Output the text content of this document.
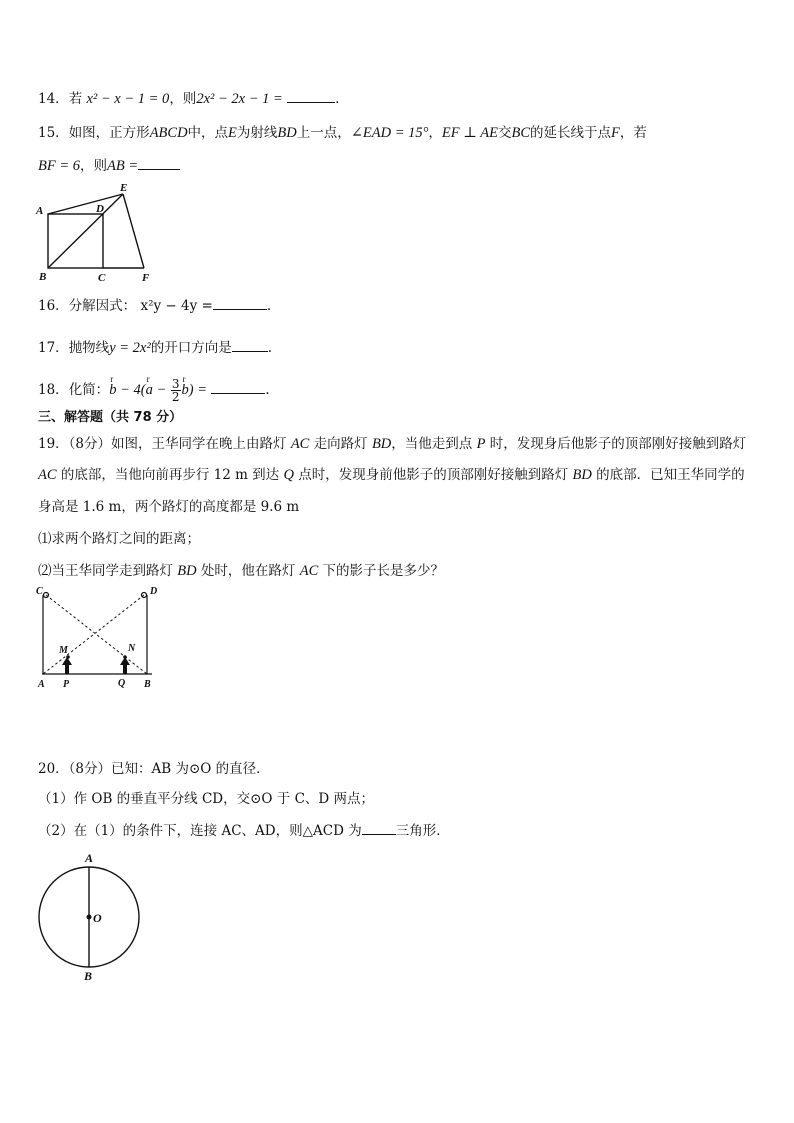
14．若 x² − x − 1 = 0，则2x² − 2x − 1 =	.
15．如图，正方形ABCD中，点E为射线BD上一点，∠EAD = 15°，EF ⊥ AE交BC的延长线于点F，若
BF = 6，则AB =
A
B	C
D
E
F
16．分解因式： x²y − 4y =	.
17．抛物线y = 2x²的开口方向是	.
18．化简：r b − 4(r $a - \frac{3}{2}$
r b) =	.
三、解答题（共 78 分）
19．（8分）如图，王华同学在晚上由路灯 AC 走向路灯 BD，当他走到点 P 时，发现身后他影子的顶部刚好接触到路灯
AC 的底部，当他向前再步行 12 m 到达 Q 点时，发现身前他影子的顶部刚好接触到路灯 BD 的底部．已知王华同学的
身高是 1.6 m，两个路灯的高度都是 9.6 m
⑴求两个路灯之间的距离；
⑵当王华同学走到路灯 BD 处时，他在路灯 AC 下的影子长是多少？
C	D
M	N
A P	Q B
20．（8分）已知：AB 为⊙O 的直径．
（1）作 OB 的垂直平分线 CD，交⊙O 于 C、D 两点；
（2）在（1）的条件下，连接 AC、AD，则△ACD 为	三角形．
A
O
B
